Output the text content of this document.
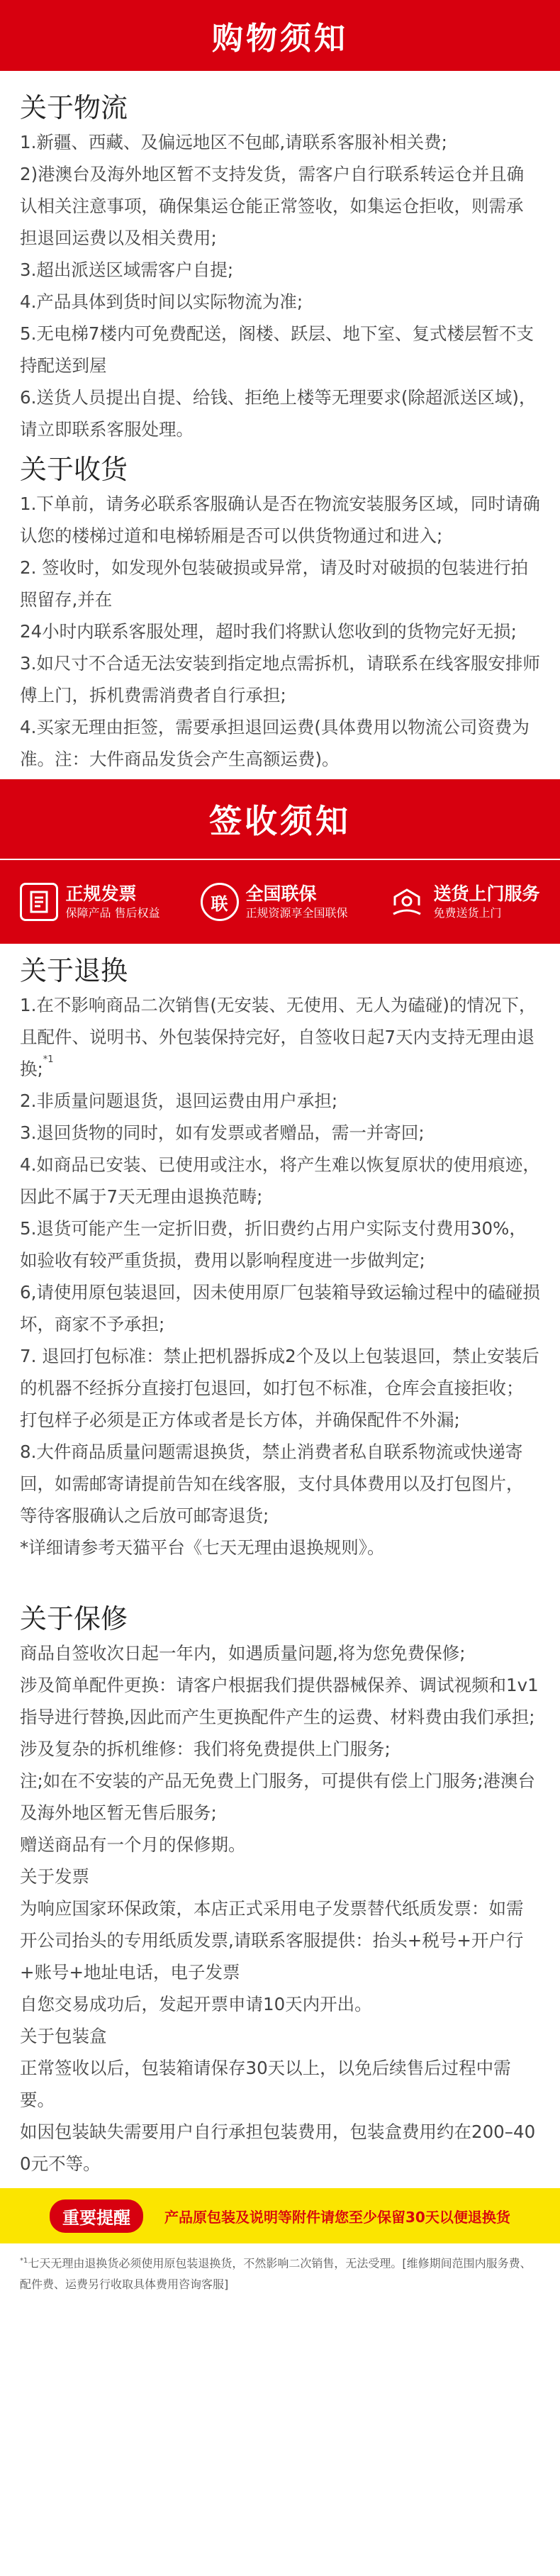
购物须知
关于物流

1.新疆、西藏、及偏远地区不包邮,请联系客服补相关费;

2)港澳台及海外地区暂不支持发货，需客户自行联系转运仓并且确认相关注意事项，确保集运仓能正常签收，如集运仓拒收，则需承担退回运费以及相关费用;

3.超出派送区域需客户自提;

4.产品具体到货时间以实际物流为准;

5.无电梯7楼内可免费配送，阁楼、跃层、地下室、复式楼层暂不支持配送到屋

6.送货人员提出自提、给钱、拒绝上楼等无理要求(除超派送区域)，请立即联系客服处理。

关于收货

1.下单前，请务必联系客服确认是否在物流安装服务区域，同时请确认您的楼梯过道和电梯轿厢是否可以供货物通过和进入;

2. 签收时，如发现外包装破损或异常，请及时对破损的包装进行拍照留存,并在

24小时内联系客服处理，超时我们将默认您收到的货物完好无损;

3.如尺寸不合适无法安装到指定地点需拆机，请联系在线客服安排师傅上门，拆机费需消费者自行承担;

4.买家无理由拒签，需要承担退回运费(具体费用以物流公司资费为准。注：大件商品发货会产生高额运费)。

签收须知
正规发票
保障产品 售后权益	联 全国联保
正规资源享全国联保
送货上门服务
免费送货上门
关于退换

1.在不影响商品二次销售(无安装、无使用、无人为磕碰)的情况下，且配件、说明书、外包装保持完好，自签收日起7天内支持无理由退换;$^{*1}$

2.非质量问题退货，退回运费由用户承担;

3.退回货物的同时，如有发票或者赠品，需一并寄回;

4.如商品已安装、已使用或注水，将产生难以恢复原状的使用痕迹，因此不属于7天无理由退换范畴;

5.退货可能产生一定折旧费，折旧费约占用户实际支付费用30%，如验收有较严重货损，费用以影响程度进一步做判定;

6,请使用原包装退回，因未使用原厂包装箱导致运输过程中的磕碰损坏，商家不予承担;

7. 退回打包标准：禁止把机器拆成2个及以上包装退回，禁止安装后的机器不经拆分直接打包退回，如打包不标准，仓库会直接拒收；打包样子必须是正方体或者是长方体，并确保配件不外漏;

8.大件商品质量问题需退换货，禁止消费者私自联系物流或快递寄回，如需邮寄请提前告知在线客服，支付具体费用以及打包图片，等待客服确认之后放可邮寄退货;

*详细请参考天猫平台《七天无理由退换规则》。

关于保修

商品自签收次日起一年内，如遇质量问题,将为您免费保修;

涉及简单配件更换：请客户根据我们提供器械保养、调试视频和1v1指导进行替换,因此而产生更换配件产生的运费、材料费由我们承担;

涉及复杂的拆机维修：我们将免费提供上门服务;

注;如在不安装的产品无免费上门服务，可提供有偿上门服务;港澳台及海外地区暂无售后服务;

赠送商品有一个月的保修期。

关于发票

为响应国家环保政策，本店正式采用电子发票替代纸质发票：如需开公司抬头的专用纸质发票,请联系客服提供：抬头+税号+开户行+账号+地址电话，电子发票

自您交易成功后，发起开票申请10天内开出。

关于包装盒

正常签收以后，包装箱请保存30天以上，以免后续售后过程中需要。

如因包装缺失需要用户自行承担包装费用，包装盒费用约在200–400元不等。

重要提醒	产品原包装及说明等附件请您至少保留30天以便退换货
$^{*1}$七天无理由退换货必须使用原包装退换货，不然影响二次销售，无法受理。[维修期间范围内服务费、配件费、运费另行收取具体费用咨询客服]
